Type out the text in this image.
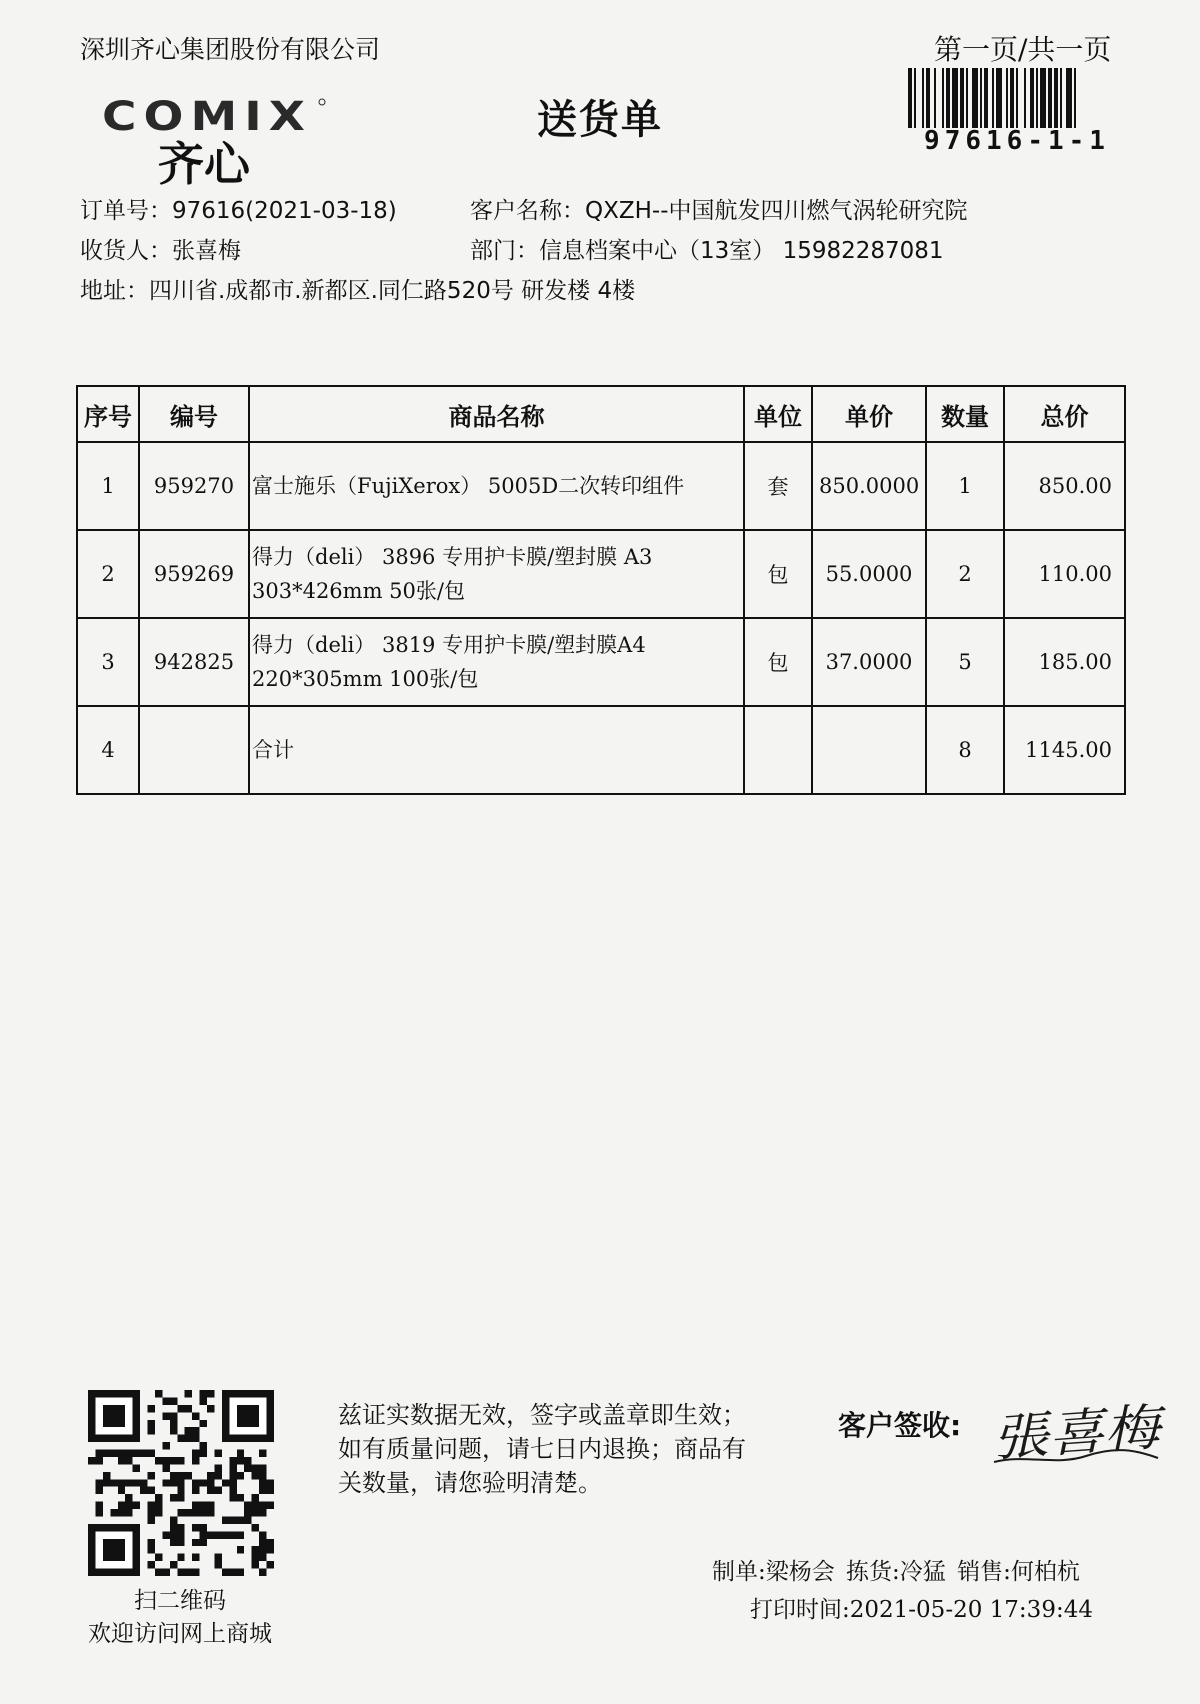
深圳齐心集团股份有限公司	第一页/共一页
97616-1-1
COMIX
齐心
送货单
订单号：97616(2021-03-18)	客户名称：QXZH--中国航发四川燃气涡轮研究院
收货人：张喜梅	部门：信息档案中心（13室） 15982287081
地址：四川省.成都市.新都区.同仁路520号 研发楼 4楼
序号	编号	商品名称	单位	单价	数量	总价
1	959270	富士施乐（FujiXerox） 5005D二次转印组件	套	850.0000	1	850.00
2	959269	得力（deli） 3896 专用护卡膜/塑封膜 A3
303*426mm 50张/包	包	55.0000	2	110.00
3	942825	得力（deli） 3819 专用护卡膜/塑封膜A4
220*305mm 100张/包	包	37.0000	5	185.00
4		合计			8	1145.00
扫二维码
欢迎访问网上商城
兹证实数据无效，签字或盖章即生效；如有质量问题，请七日内退换；商品有关数量，请您验明清楚。
客户签收: 張喜梅
制单:梁杨会 拣货:冷猛 销售:何柏杭
打印时间:2021-05-20 17:39:44
